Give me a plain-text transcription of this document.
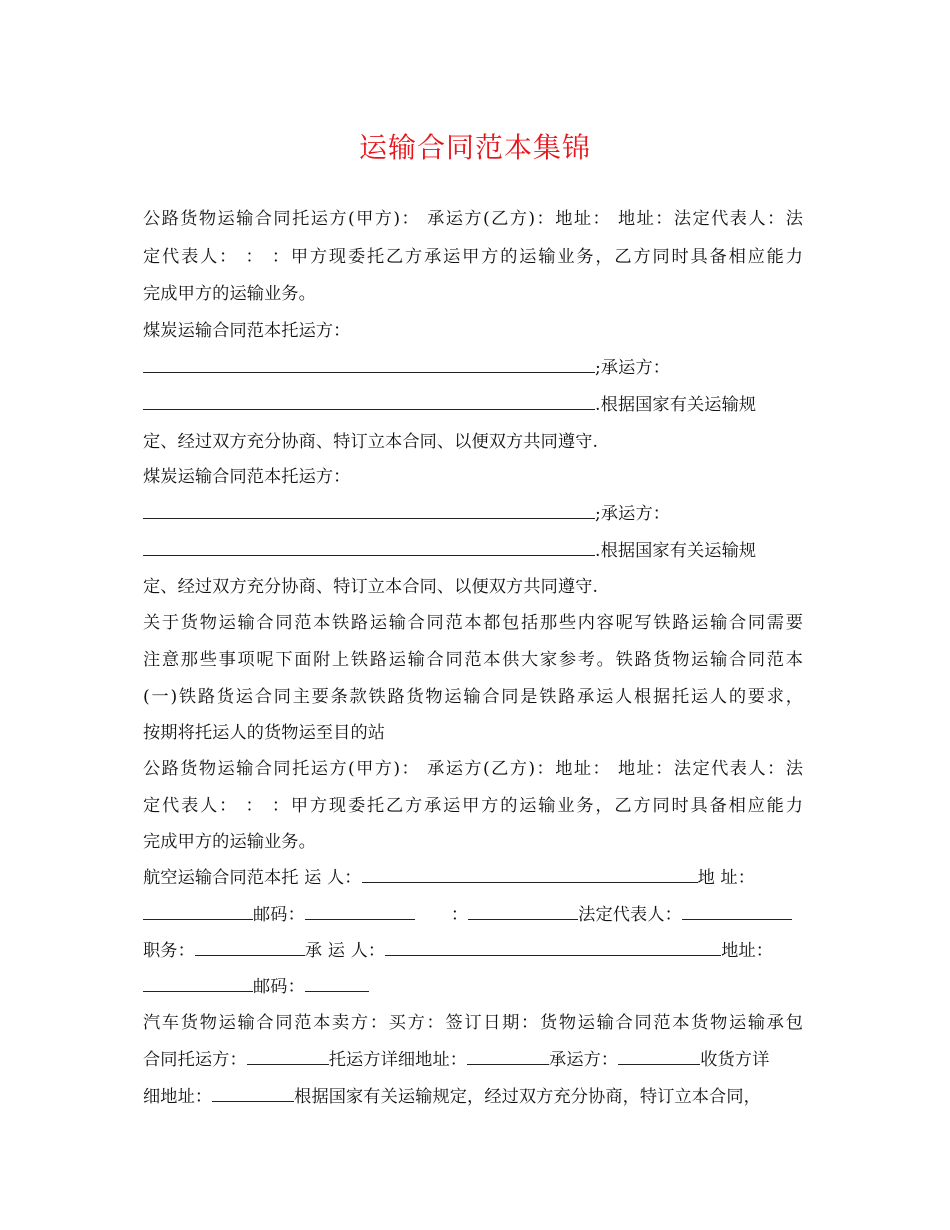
运输合同范本集锦
公路货物运输合同托运方(甲方)： 承运方(乙方)：地址： 地址：法定代表人：法
定代表人： ： ：甲方现委托乙方承运甲方的运输业务，乙方同时具备相应能力
完成甲方的运输业务。
煤炭运输合同范本托运方：
;承运方：
.根据国家有关运输规
定、经过双方充分协商、特订立本合同、以便双方共同遵守.
煤炭运输合同范本托运方：
;承运方：
.根据国家有关运输规
定、经过双方充分协商、特订立本合同、以便双方共同遵守.
关于货物运输合同范本铁路运输合同范本都包括那些内容呢写铁路运输合同需要
注意那些事项呢下面附上铁路运输合同范本供大家参考。铁路货物运输合同范本
(一)铁路货运合同主要条款铁路货物运输合同是铁路承运人根据托运人的要求，
按期将托运人的货物运至目的站
公路货物运输合同托运方(甲方)： 承运方(乙方)：地址： 地址：法定代表人：法
定代表人： ： ：甲方现委托乙方承运甲方的运输业务，乙方同时具备相应能力
完成甲方的运输业务。
航空运输合同范本托 运 人：	地 址：
邮码：	：	法定代表人：
职务：	承 运 人：	地址：
邮码：
汽车货物运输合同范本卖方：买方：签订日期：货物运输合同范本货物运输承包
合同托运方：	托运方详细地址：	承运方：	收货方详
细地址：	根据国家有关运输规定，经过双方充分协商，特订立本合同，
